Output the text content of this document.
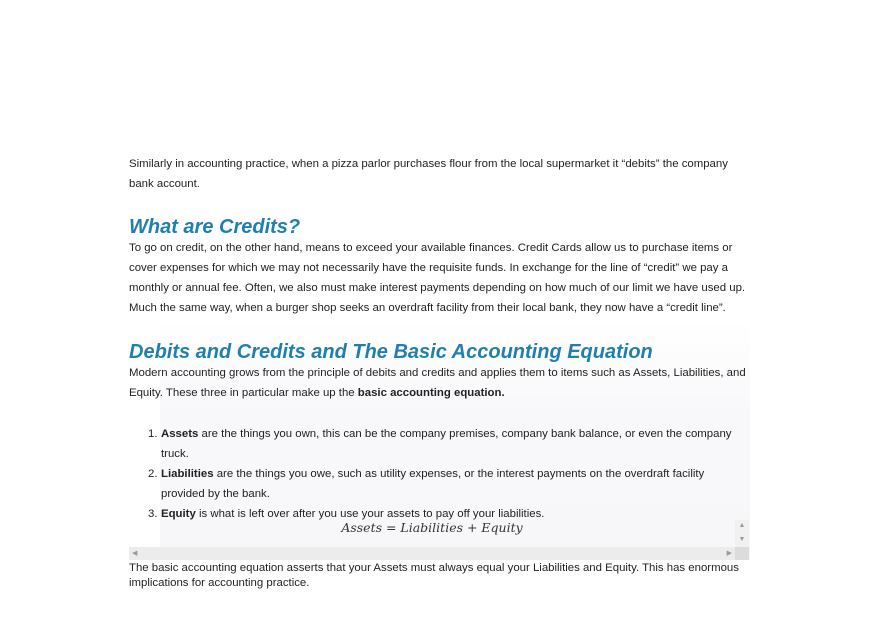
Similarly in accounting practice, when a pizza parlor purchases flour from the local supermarket it “debits” the company bank account.

What are Credits?

To go on credit, on the other hand, means to exceed your available finances. Credit Cards allow us to purchase items or cover expenses for which we may not necessarily have the requisite funds. In exchange for the line of “credit” we pay a monthly or annual fee. Often, we also must make interest payments depending on how much of our limit we have used up. Much the same way, when a burger shop seeks an overdraft facility from their local bank, they now have a “credit line”.

Debits and Credits and The Basic Accounting Equation

Modern accounting grows from the principle of debits and credits and applies them to items such as Assets, Liabilities, and Equity. These three in particular make up the basic accounting equation.

1. Assets are the things you own, this can be the company premises, company bank balance, or even the company truck.
2. Liabilities are the things you owe, such as utility expenses, or the interest payments on the overdraft facility provided by the bank.
3. Equity is what is left over after you use your assets to pay off your liabilities.
Assets = Liabilities + Equity	▲
▼
◀	▶

The basic accounting equation asserts that your Assets must always equal your Liabilities and Equity. This has enormous implications for accounting practice.
